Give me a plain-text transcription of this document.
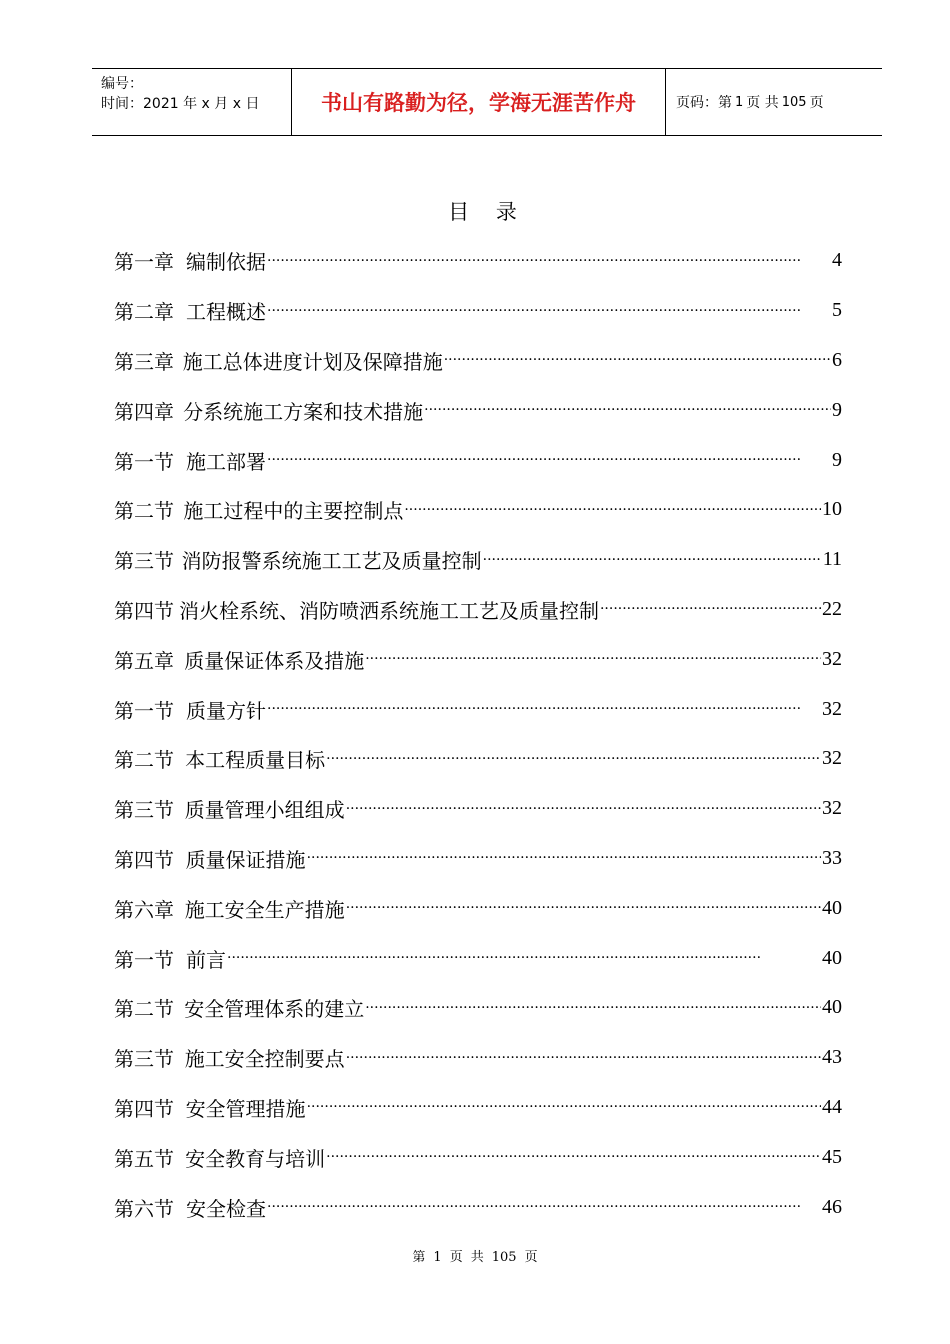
编号：
时间：2021 年 x 月 x 日	书山有路勤为径，学海无涯苦作舟	页码：第 1 页 共 105 页
目 录
第一章 编制依据 ·····	4
第二章 工程概述 ·····	5
第三章 施工总体进度计划及保障措施 ·····	6
第四章 分系统施工方案和技术措施 ·····	9
第一节 施工部署 ·····	9
第二节 施工过程中的主要控制点 ·····	10
第三节 消防报警系统施工工艺及质量控制 ·····	11
第四节 消火栓系统、消防喷洒系统施工工艺及质量控制 ·····	22
第五章 质量保证体系及措施 ·····	32
第一节 质量方针 ·····	32
第二节 本工程质量目标 ·····	32
第三节 质量管理小组组成 ·····	32
第四节 质量保证措施 ·····	33
第六章 施工安全生产措施 ·····	40
第一节 前言 ·····	40
第二节 安全管理体系的建立 ·····	40
第三节 施工安全控制要点 ·····	43
第四节 安全管理措施 ·····	44
第五节 安全教育与培训 ·····	45
第六节 安全检查 ·····	46
第 1 页 共 105 页
